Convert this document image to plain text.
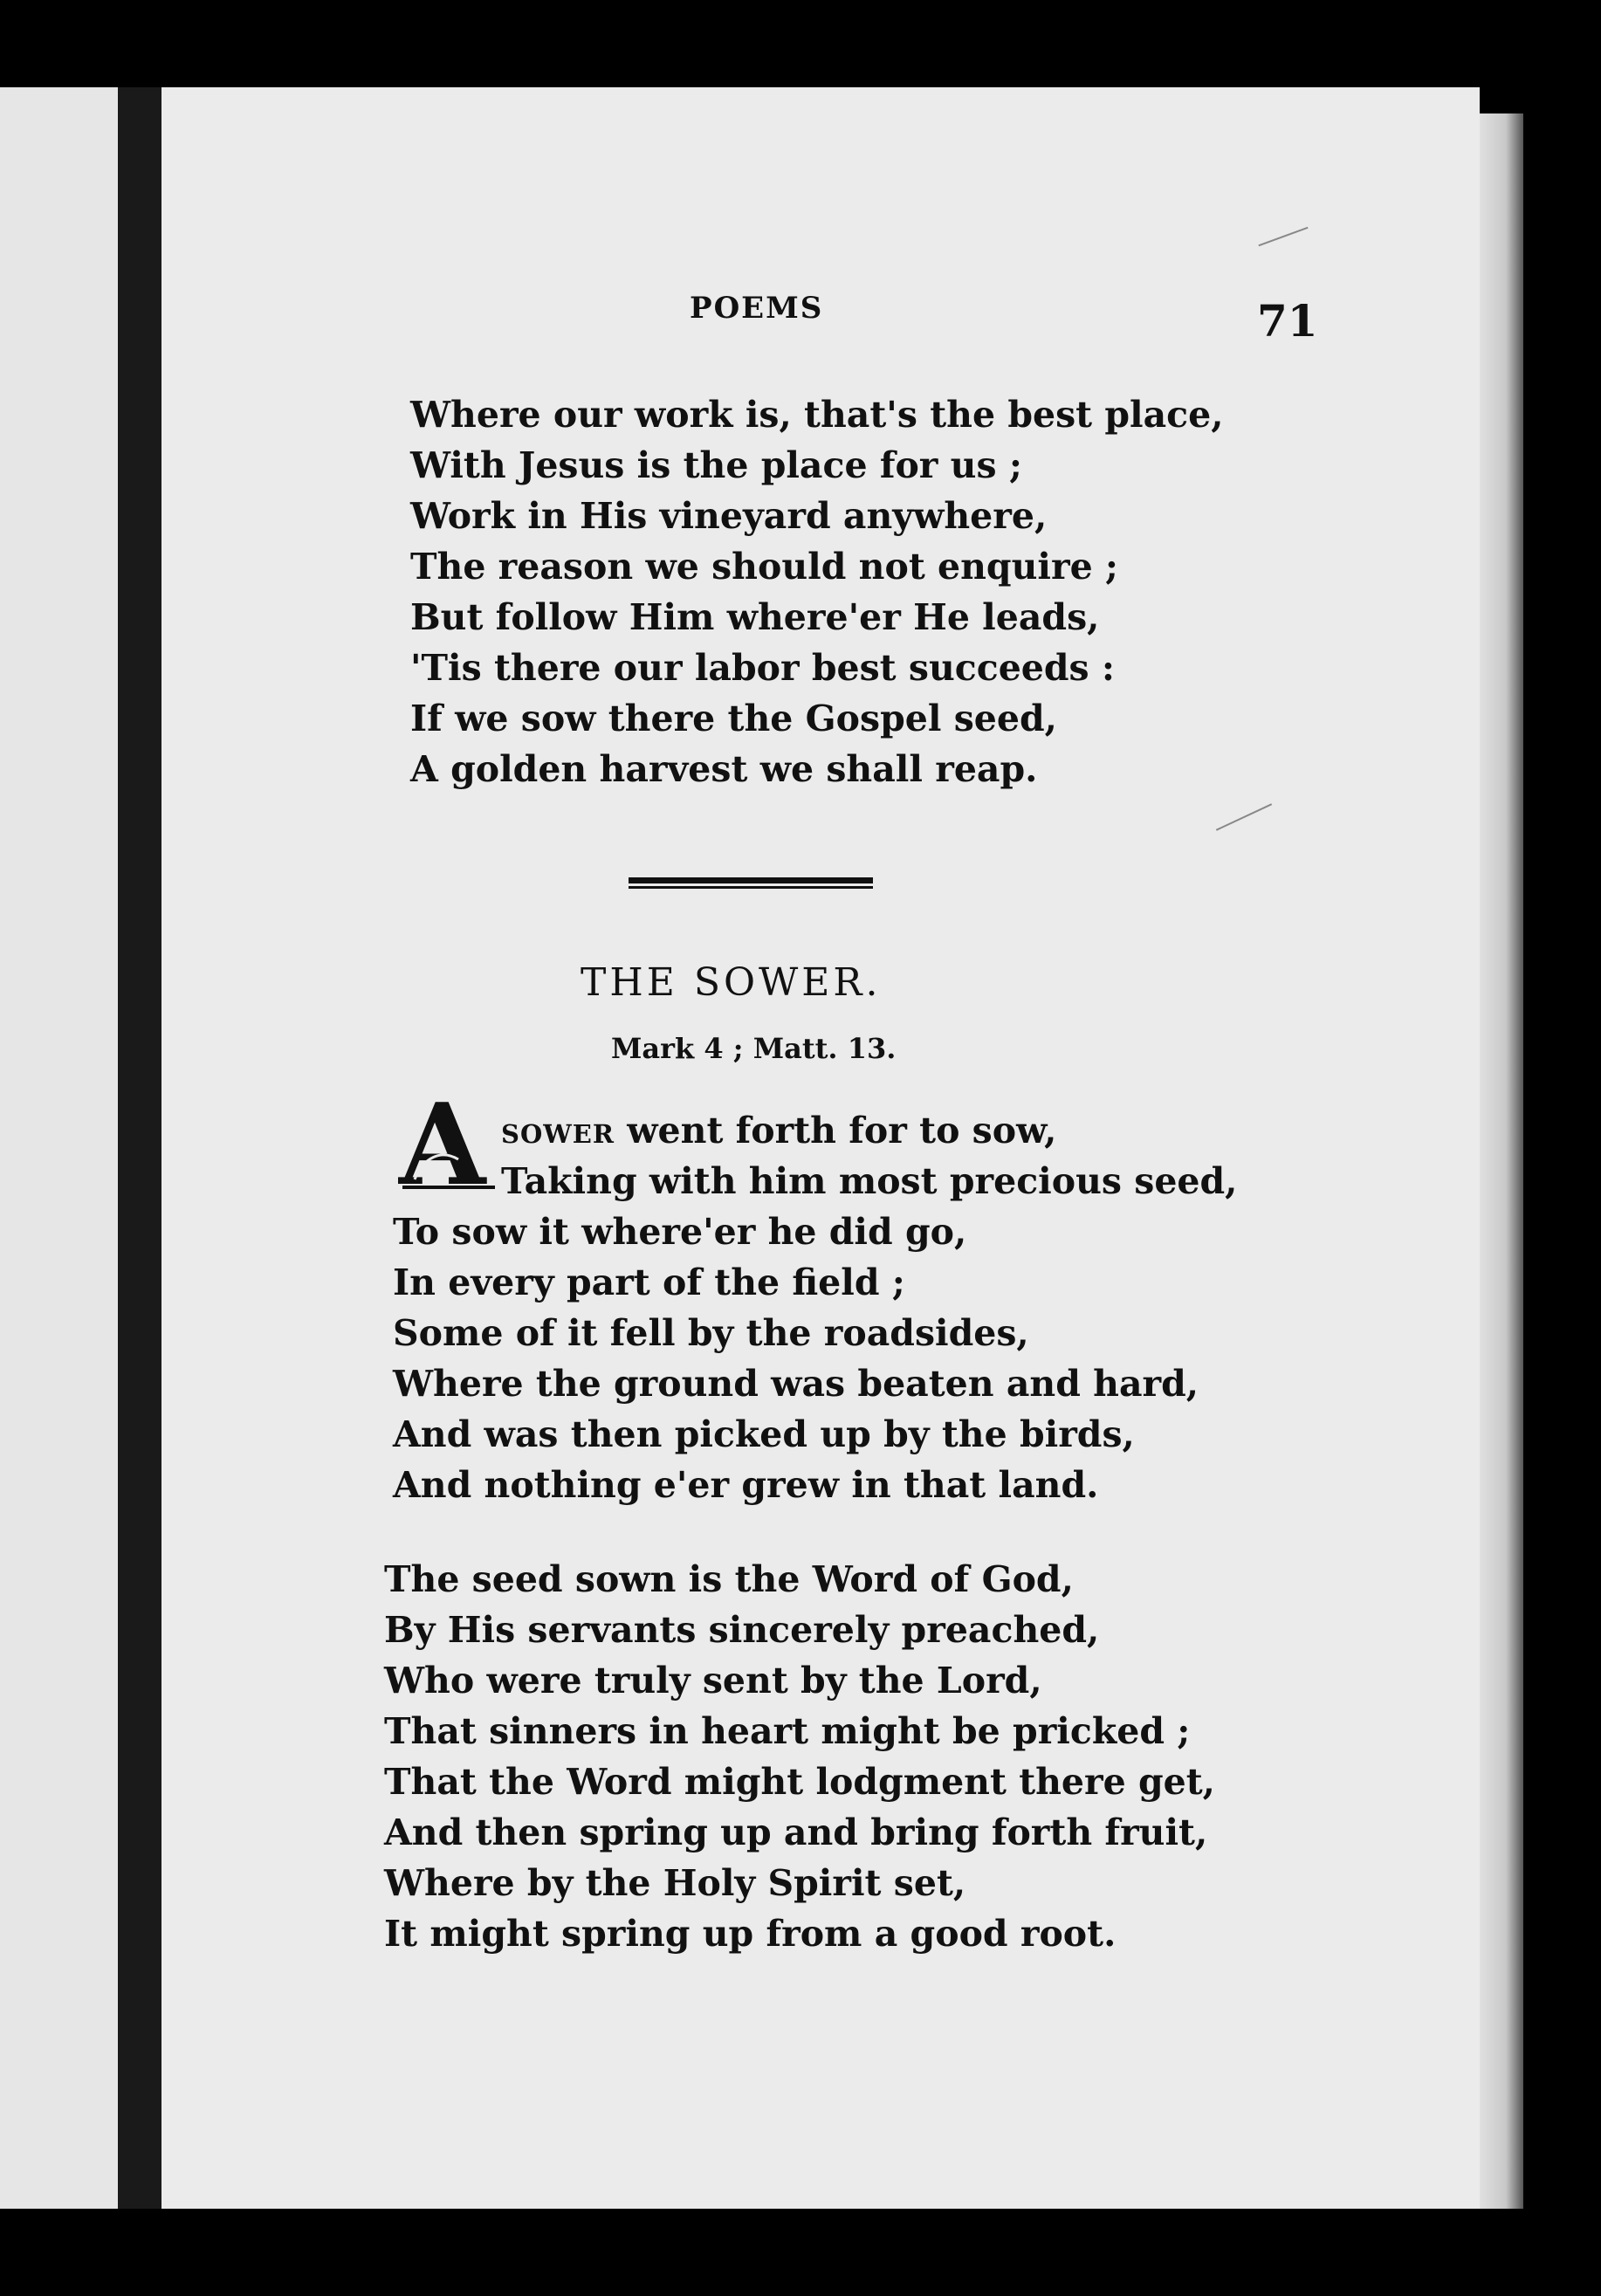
POEMS	71
Where our work is, that's the best place,
With Jesus is the place for us ;
Work in His vineyard anywhere,
The reason we should not enquire ;
But follow Him where'er He leads,
'Tis there our labor best succeeds :
If we sow there the Gospel seed,
A golden harvest we shall reap.
THE SOWER.
Mark 4 ; Matt. 13.
A sower went forth for to sow,
Taking with him most precious seed,
To sow it where'er he did go,
In every part of the field ;
Some of it fell by the roadsides,
Where the ground was beaten and hard,
And was then picked up by the birds,
And nothing e'er grew in that land.
The seed sown is the Word of God,
By His servants sincerely preached,
Who were truly sent by the Lord,
That sinners in heart might be pricked ;
That the Word might lodgment there get,
And then spring up and bring forth fruit,
Where by the Holy Spirit set,
It might spring up from a good root.
